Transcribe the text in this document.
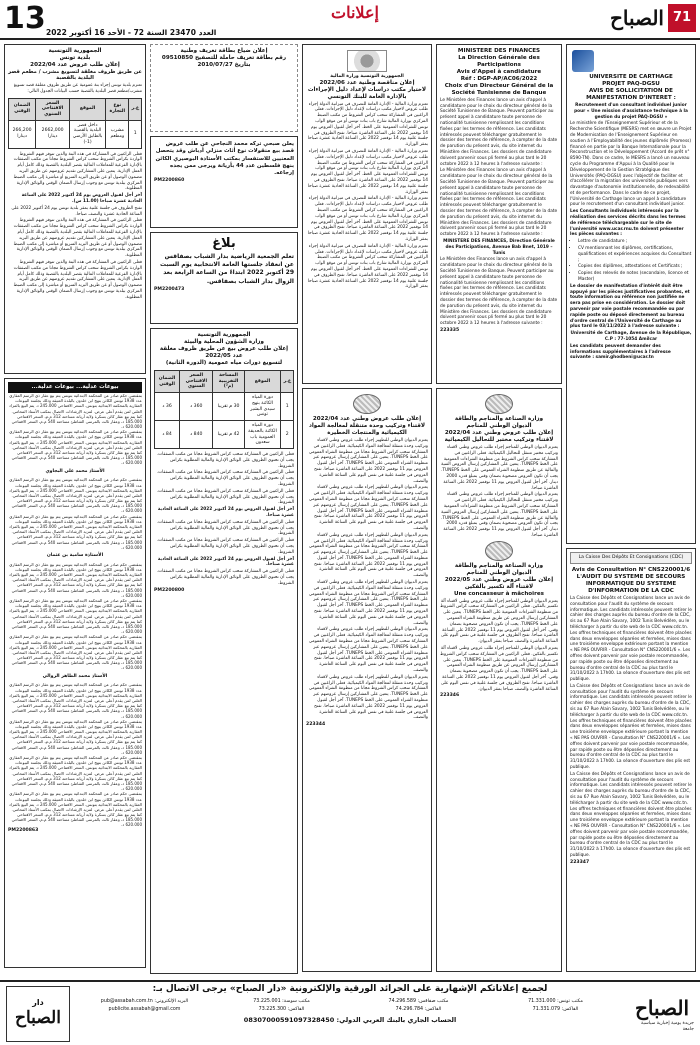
13 العدد 23470 السنة 72 - الأحد 16 أكتوبر 2022
إعلانات	الصباح 71
الجمهورية التونسية
بلدية تونس
إعلان طلب عروض عدد 2022/04
عن طريق ظروف مغلقة لتسويغ مشرب / مطعم قصر البلدية بالقصبة

تعتزم بلدية تونس إجراء بتة عمومية عن طريق ظروف مغلقة قصد تسويغ مشرب/مطعم قصر البلدية بالقصبة حسب البيانات الجدول التالي:

ع.ر	نوع التجارة	الموقع	السعر الافتتاحي السنوي	الضمان الوقتي
1	مشرب ومطعم	داخل قصر البلدية بالقصبة بالطابق الأرضي (1-)	2662,000 دينارا	266,200 دينارا

فعلى الراغبين في المشاركة في هذه البتة والذين تتوفر فيهم الشروط الواردة بكراس الشروط سحب كراس الشروط مجانا من مكتب الصفقات بالإدارة الفرعية للمعاملات المالية بقصر البلدية بالقصبة وذلك كامل أيام العمل الإدارية. يتعين على المشاركين تقديم عروضهم عن طريق البريد مضمون الوصول أو عن طريق البريد السريع أو مباشرة إلى مكتب الضبط المركزي ببلدية تونس مع وجوب إرسال الضمان الوقتي والوثائق الإدارية المطلوبة.

آخر أجل لقبول العروض يوم 24 أكتوبر 2022 على الساعة الحادية عشرة صباحا (11.00 س).

تفتح الظروف في جلسة علنية بمقر بلدية تونس يوم 24 أكتوبر 2022 على الساعة الحادية عشرة والنصف صباحا.

فعلى الراغبين في المشاركة في هذه البتة والذين تتوفر فيهم الشروط الواردة بكراس الشروط سحب كراس الشروط مجانا من مكتب الصفقات بالإدارة الفرعية للمعاملات المالية بقصر البلدية بالقصبة وذلك كامل أيام العمل الإدارية. يتعين على المشاركين تقديم عروضهم عن طريق البريد مضمون الوصول أو عن طريق البريد السريع أو مباشرة إلى مكتب الضبط المركزي ببلدية تونس مع وجوب إرسال الضمان الوقتي والوثائق الإدارية المطلوبة.

فعلى الراغبين في المشاركة في هذه البتة والذين تتوفر فيهم الشروط الواردة بكراس الشروط سحب كراس الشروط مجانا من مكتب الصفقات بالإدارة الفرعية للمعاملات المالية بقصر البلدية بالقصبة وذلك كامل أيام العمل الإدارية. يتعين على المشاركين تقديم عروضهم عن طريق البريد مضمون الوصول أو عن طريق البريد السريع أو مباشرة إلى مكتب الضبط المركزي ببلدية تونس مع وجوب إرسال الضمان الوقتي والوثائق الإدارية المطلوبة.

بيوعات عدلية... بيوعات عدلية...

بمقتضى حكم صادر عن المحكمة الابتدائية بتونس يتم بيع عقار ذي الرسم العقاري عدد 1938 تونس الكائن بنهج ابن خلدون بالبلدة العتيقة وذلك بجلسة البيوعات العقارية بالمحكمة الابتدائية بتونس. السعر الافتتاحي 245.000 د. يتم البيع بالمزاد العلني لمن يقدم أعلى عرض. لمزيد الإرشادات الاتصال بمكتب الأستاذ المحامي. كما يتم بيع عقار كائن بسكرة ولاية أريانة مساحته 312 م.م، السعر الافتتاحي 185.000 د، وعقار ثالث بالمرسى الشاطئ مساحته 540 م.م، السعر الافتتاحي 620.000 د.

بمقتضى حكم صادر عن المحكمة الابتدائية بتونس يتم بيع عقار ذي الرسم العقاري عدد 1938 تونس الكائن بنهج ابن خلدون بالبلدة العتيقة وذلك بجلسة البيوعات العقارية بالمحكمة الابتدائية بتونس. السعر الافتتاحي 245.000 د. يتم البيع بالمزاد العلني لمن يقدم أعلى عرض. لمزيد الإرشادات الاتصال بمكتب الأستاذ المحامي. كما يتم بيع عقار كائن بسكرة ولاية أريانة مساحته 312 م.م، السعر الافتتاحي 185.000 د، وعقار ثالث بالمرسى الشاطئ مساحته 540 م.م، السعر الافتتاحي 620.000 د.

الأستاذ محمد علي البجاوي

بمقتضى حكم صادر عن المحكمة الابتدائية بتونس يتم بيع عقار ذي الرسم العقاري عدد 1938 تونس الكائن بنهج ابن خلدون بالبلدة العتيقة وذلك بجلسة البيوعات العقارية بالمحكمة الابتدائية بتونس. السعر الافتتاحي 245.000 د. يتم البيع بالمزاد العلني لمن يقدم أعلى عرض. لمزيد الإرشادات الاتصال بمكتب الأستاذ المحامي. كما يتم بيع عقار كائن بسكرة ولاية أريانة مساحته 312 م.م، السعر الافتتاحي 185.000 د، وعقار ثالث بالمرسى الشاطئ مساحته 540 م.م، السعر الافتتاحي 620.000 د.

بمقتضى حكم صادر عن المحكمة الابتدائية بتونس يتم بيع عقار ذي الرسم العقاري عدد 1938 تونس الكائن بنهج ابن خلدون بالبلدة العتيقة وذلك بجلسة البيوعات العقارية بالمحكمة الابتدائية بتونس. السعر الافتتاحي 245.000 د. يتم البيع بالمزاد العلني لمن يقدم أعلى عرض. لمزيد الإرشادات الاتصال بمكتب الأستاذ المحامي. كما يتم بيع عقار كائن بسكرة ولاية أريانة مساحته 312 م.م، السعر الافتتاحي 185.000 د، وعقار ثالث بالمرسى الشاطئ مساحته 540 م.م، السعر الافتتاحي 620.000 د.

الأستاذة سامية بن عثمان

بمقتضى حكم صادر عن المحكمة الابتدائية بتونس يتم بيع عقار ذي الرسم العقاري عدد 1938 تونس الكائن بنهج ابن خلدون بالبلدة العتيقة وذلك بجلسة البيوعات العقارية بالمحكمة الابتدائية بتونس. السعر الافتتاحي 245.000 د. يتم البيع بالمزاد العلني لمن يقدم أعلى عرض. لمزيد الإرشادات الاتصال بمكتب الأستاذ المحامي. كما يتم بيع عقار كائن بسكرة ولاية أريانة مساحته 312 م.م، السعر الافتتاحي 185.000 د، وعقار ثالث بالمرسى الشاطئ مساحته 540 م.م، السعر الافتتاحي 620.000 د.

بمقتضى حكم صادر عن المحكمة الابتدائية بتونس يتم بيع عقار ذي الرسم العقاري عدد 1938 تونس الكائن بنهج ابن خلدون بالبلدة العتيقة وذلك بجلسة البيوعات العقارية بالمحكمة الابتدائية بتونس. السعر الافتتاحي 245.000 د. يتم البيع بالمزاد العلني لمن يقدم أعلى عرض. لمزيد الإرشادات الاتصال بمكتب الأستاذ المحامي. كما يتم بيع عقار كائن بسكرة ولاية أريانة مساحته 312 م.م، السعر الافتتاحي 185.000 د، وعقار ثالث بالمرسى الشاطئ مساحته 540 م.م، السعر الافتتاحي 620.000 د.

بمقتضى حكم صادر عن المحكمة الابتدائية بتونس يتم بيع عقار ذي الرسم العقاري عدد 1938 تونس الكائن بنهج ابن خلدون بالبلدة العتيقة وذلك بجلسة البيوعات العقارية بالمحكمة الابتدائية بتونس. السعر الافتتاحي 245.000 د. يتم البيع بالمزاد العلني لمن يقدم أعلى عرض. لمزيد الإرشادات الاتصال بمكتب الأستاذ المحامي. كما يتم بيع عقار كائن بسكرة ولاية أريانة مساحته 312 م.م، السعر الافتتاحي 185.000 د، وعقار ثالث بالمرسى الشاطئ مساحته 540 م.م، السعر الافتتاحي 620.000 د.

الأستاذ محمد الطاهر الزوالي

بمقتضى حكم صادر عن المحكمة الابتدائية بتونس يتم بيع عقار ذي الرسم العقاري عدد 1938 تونس الكائن بنهج ابن خلدون بالبلدة العتيقة وذلك بجلسة البيوعات العقارية بالمحكمة الابتدائية بتونس. السعر الافتتاحي 245.000 د. يتم البيع بالمزاد العلني لمن يقدم أعلى عرض. لمزيد الإرشادات الاتصال بمكتب الأستاذ المحامي. كما يتم بيع عقار كائن بسكرة ولاية أريانة مساحته 312 م.م، السعر الافتتاحي 185.000 د، وعقار ثالث بالمرسى الشاطئ مساحته 540 م.م، السعر الافتتاحي 620.000 د.

بمقتضى حكم صادر عن المحكمة الابتدائية بتونس يتم بيع عقار ذي الرسم العقاري عدد 1938 تونس الكائن بنهج ابن خلدون بالبلدة العتيقة وذلك بجلسة البيوعات العقارية بالمحكمة الابتدائية بتونس. السعر الافتتاحي 245.000 د. يتم البيع بالمزاد العلني لمن يقدم أعلى عرض. لمزيد الإرشادات الاتصال بمكتب الأستاذ المحامي. كما يتم بيع عقار كائن بسكرة ولاية أريانة مساحته 312 م.م، السعر الافتتاحي 185.000 د، وعقار ثالث بالمرسى الشاطئ مساحته 540 م.م، السعر الافتتاحي 620.000 د.

بمقتضى حكم صادر عن المحكمة الابتدائية بتونس يتم بيع عقار ذي الرسم العقاري عدد 1938 تونس الكائن بنهج ابن خلدون بالبلدة العتيقة وذلك بجلسة البيوعات العقارية بالمحكمة الابتدائية بتونس. السعر الافتتاحي 245.000 د. يتم البيع بالمزاد العلني لمن يقدم أعلى عرض. لمزيد الإرشادات الاتصال بمكتب الأستاذ المحامي. كما يتم بيع عقار كائن بسكرة ولاية أريانة مساحته 312 م.م، السعر الافتتاحي 185.000 د، وعقار ثالث بالمرسى الشاطئ مساحته 540 م.م، السعر الافتتاحي 620.000 د.

بمقتضى حكم صادر عن المحكمة الابتدائية بتونس يتم بيع عقار ذي الرسم العقاري عدد 1938 تونس الكائن بنهج ابن خلدون بالبلدة العتيقة وذلك بجلسة البيوعات العقارية بالمحكمة الابتدائية بتونس. السعر الافتتاحي 245.000 د. يتم البيع بالمزاد العلني لمن يقدم أعلى عرض. لمزيد الإرشادات الاتصال بمكتب الأستاذ المحامي. كما يتم بيع عقار كائن بسكرة ولاية أريانة مساحته 312 م.م، السعر الافتتاحي 185.000 د، وعقار ثالث بالمرسى الشاطئ مساحته 540 م.م، السعر الافتتاحي 620.000 د.

PM2200863
إعلان ضياع بطاقة تعريف وطنية
رقم بطاقة تعريف حاملة للتصفيح 09510850 بتاريخ 2010/07/27

يعلن صبحي تركه محمد النجاحي عن طلب عروض قصد بيع منقولات نوع أثاث منزلي أدباش وقد يتحصل المعنيين للاستفسار بمكتب الأستاذة البوصيري الكائن بنهج فلسطين عدد 44 بأريانة ويرجى ممن يجده إرجاعه.

PM2200860
بلاغ

تعلم الجمعية الرياضية بدار الشباب بصفاقس عن انعقاد جلستها العامة الانتخابية يوم السبت 29 أكتوبر 2022 ابتداءً من الساعة الرابعة بعد الزوال بدار الشباب بصفاقس.

PM2200473
الجمهورية التونسية
وزارة الشؤون المحلية والبيئة
إعلان طلب عروض بيع عن طريق ظروف مغلقة عدد 2022/05
لتسويغ دورات مياه عمومية (الدورة الثانية)
ع.ر	الموقع	المساحة التقريبية (م²)	السعر الافتتاحي السنوي	الضمان الوقتي
1	دورة المياه الكائنة بنهج سيدي البشير تونس	30 م تقريبا	360 د	36 د
2	دورة المياه الكائنة بالحديقة العمومية باب سعدون	42 م تقريبا	840 د	84 د

فعلى الراغبين في المشاركة سحب كراس الشروط مجانا من مكتب الصفقات. يجب أن تحتوي الظروف على الوثائق الإدارية والمالية المطلوبة بكراس الشروط.

فعلى الراغبين في المشاركة سحب كراس الشروط مجانا من مكتب الصفقات. يجب أن تحتوي الظروف على الوثائق الإدارية والمالية المطلوبة بكراس الشروط.

فعلى الراغبين في المشاركة سحب كراس الشروط مجانا من مكتب الصفقات. يجب أن تحتوي الظروف على الوثائق الإدارية والمالية المطلوبة بكراس الشروط.

آخر أجل لقبول العروض يوم 24 أكتوبر 2022 على الساعة الحادية عشرة صباحا.

فعلى الراغبين في المشاركة سحب كراس الشروط مجانا من مكتب الصفقات. يجب أن تحتوي الظروف على الوثائق الإدارية والمالية المطلوبة بكراس الشروط.

فعلى الراغبين في المشاركة سحب كراس الشروط مجانا من مكتب الصفقات. يجب أن تحتوي الظروف على الوثائق الإدارية والمالية المطلوبة بكراس الشروط.

آخر أجل لقبول العروض يوم 24 أكتوبر 2022 على الساعة الحادية عشرة صباحا.

فعلى الراغبين في المشاركة سحب كراس الشروط مجانا من مكتب الصفقات. يجب أن تحتوي الظروف على الوثائق الإدارية والمالية المطلوبة بكراس الشروط.

PM2200800
الجمهورية التونسية وزارة المالية
إعلان مناقصة وطنية عدد 2022/06
لاختيار مكتب دراسات لإعداد دليل الإجراءات بالإدارة العامة للبنك التونسي

تعتزم وزارة المالية - الإدارة العامة للتصرف في ميزانية الدولة إجراء طلب عروض لاختيار مكتب دراسات لإعداد دليل الإجراءات. فعلى الراغبين في المشاركة سحب كراس الشروط من مكتب الضبط المركزي بوزارة المالية شارع باب بنات تونس أو من موقع الواب تونس للشراءات العمومية على الخط. آخر أجل لقبول العروض يوم 14 نوفمبر 2022 على الساعة العاشرة صباحا. تفتح الظروف في جلسة علنية يوم 14 نوفمبر 2022 على الساعة الحادية عشرة صباحا بمقر الوزارة.

تعتزم وزارة المالية - الإدارة العامة للتصرف في ميزانية الدولة إجراء طلب عروض لاختيار مكتب دراسات لإعداد دليل الإجراءات. فعلى الراغبين في المشاركة سحب كراس الشروط من مكتب الضبط المركزي بوزارة المالية شارع باب بنات تونس أو من موقع الواب تونس للشراءات العمومية على الخط. آخر أجل لقبول العروض يوم 14 نوفمبر 2022 على الساعة العاشرة صباحا. تفتح الظروف في جلسة علنية يوم 14 نوفمبر 2022 على الساعة الحادية عشرة صباحا بمقر الوزارة.

تعتزم وزارة المالية - الإدارة العامة للتصرف في ميزانية الدولة إجراء طلب عروض لاختيار مكتب دراسات لإعداد دليل الإجراءات. فعلى الراغبين في المشاركة سحب كراس الشروط من مكتب الضبط المركزي بوزارة المالية شارع باب بنات تونس أو من موقع الواب تونس للشراءات العمومية على الخط. آخر أجل لقبول العروض يوم 14 نوفمبر 2022 على الساعة العاشرة صباحا. تفتح الظروف في جلسة علنية يوم 14 نوفمبر 2022 على الساعة الحادية عشرة صباحا بمقر الوزارة.

تعتزم وزارة المالية - الإدارة العامة للتصرف في ميزانية الدولة إجراء طلب عروض لاختيار مكتب دراسات لإعداد دليل الإجراءات. فعلى الراغبين في المشاركة سحب كراس الشروط من مكتب الضبط المركزي بوزارة المالية شارع باب بنات تونس أو من موقع الواب تونس للشراءات العمومية على الخط. آخر أجل لقبول العروض يوم 14 نوفمبر 2022 على الساعة العاشرة صباحا. تفتح الظروف في جلسة علنية يوم 14 نوفمبر 2022 على الساعة الحادية عشرة صباحا بمقر الوزارة.

إعلان طلب عروض وطني عدد 2022/04
لاقتناء وتركيب وحدة متنقلة لمعالجة المواد الكيميائية والمنتجات الخطيرة

يعتزم الديوان الوطني للتطهير إجراء طلب عروض وطني لاقتناء وتركيب وحدة متنقلة لمعالجة المواد الكيميائية. فعلى الراغبين في المشاركة سحب كراس الشروط مجانا من منظومة الشراء العمومي على الخط TUNEPS. يتعين على المشاركين إرسال عروضهم عبر منظومة الشراء العمومي على الخط TUNEPS. آخر أجل لقبول العروض يوم 11 نوفمبر 2022 على الساعة العاشرة صباحا. تفتح العروض في جلسة علنية في نفس اليوم على الساعة العاشرة والنصف.

يعتزم الديوان الوطني للتطهير إجراء طلب عروض وطني لاقتناء وتركيب وحدة متنقلة لمعالجة المواد الكيميائية. فعلى الراغبين في المشاركة سحب كراس الشروط مجانا من منظومة الشراء العمومي على الخط TUNEPS. يتعين على المشاركين إرسال عروضهم عبر منظومة الشراء العمومي على الخط TUNEPS. آخر أجل لقبول العروض يوم 11 نوفمبر 2022 على الساعة العاشرة صباحا. تفتح العروض في جلسة علنية في نفس اليوم على الساعة العاشرة والنصف.

يعتزم الديوان الوطني للتطهير إجراء طلب عروض وطني لاقتناء وتركيب وحدة متنقلة لمعالجة المواد الكيميائية. فعلى الراغبين في المشاركة سحب كراس الشروط مجانا من منظومة الشراء العمومي على الخط TUNEPS. يتعين على المشاركين إرسال عروضهم عبر منظومة الشراء العمومي على الخط TUNEPS. آخر أجل لقبول العروض يوم 11 نوفمبر 2022 على الساعة العاشرة صباحا. تفتح العروض في جلسة علنية في نفس اليوم على الساعة العاشرة والنصف.

يعتزم الديوان الوطني للتطهير إجراء طلب عروض وطني لاقتناء وتركيب وحدة متنقلة لمعالجة المواد الكيميائية. فعلى الراغبين في المشاركة سحب كراس الشروط مجانا من منظومة الشراء العمومي على الخط TUNEPS. يتعين على المشاركين إرسال عروضهم عبر منظومة الشراء العمومي على الخط TUNEPS. آخر أجل لقبول العروض يوم 11 نوفمبر 2022 على الساعة العاشرة صباحا. تفتح العروض في جلسة علنية في نفس اليوم على الساعة العاشرة والنصف.

يعتزم الديوان الوطني للتطهير إجراء طلب عروض وطني لاقتناء وتركيب وحدة متنقلة لمعالجة المواد الكيميائية. فعلى الراغبين في المشاركة سحب كراس الشروط مجانا من منظومة الشراء العمومي على الخط TUNEPS. يتعين على المشاركين إرسال عروضهم عبر منظومة الشراء العمومي على الخط TUNEPS. آخر أجل لقبول العروض يوم 11 نوفمبر 2022 على الساعة العاشرة صباحا. تفتح العروض في جلسة علنية في نفس اليوم على الساعة العاشرة والنصف.

يعتزم الديوان الوطني للتطهير إجراء طلب عروض وطني لاقتناء وتركيب وحدة متنقلة لمعالجة المواد الكيميائية. فعلى الراغبين في المشاركة سحب كراس الشروط مجانا من منظومة الشراء العمومي على الخط TUNEPS. يتعين على المشاركين إرسال عروضهم عبر منظومة الشراء العمومي على الخط TUNEPS. آخر أجل لقبول العروض يوم 11 نوفمبر 2022 على الساعة العاشرة صباحا. تفتح العروض في جلسة علنية في نفس اليوم على الساعة العاشرة والنصف.

223344
MINISTERE DES FINANCES
La Direction Générale des Participations
Avis d'Appel à candidature
Réf : DGP-AP/AC06/2022
Choix d'un Directeur Général de la Société Tunisienne de Banque

Le Ministère des Finances lance un avis d'appel à candidature pour le choix du directeur général de la Société Tunisienne de Banque. Peuvent participer au présent appel à candidature toute personne de nationalité tunisienne remplissant les conditions fixées par les termes de référence. Les candidats intéressés peuvent télécharger gratuitement le dossier des termes de référence, à compter de la date de parution du présent avis, du site internet du Ministère des Finances. Les dossiers de candidature doivent parvenir sous pli fermé au plus tard le 20 octobre 2022 à 12 heures à l'adresse suivante :

Le Ministère des Finances lance un avis d'appel à candidature pour le choix du directeur général de la Société Tunisienne de Banque. Peuvent participer au présent appel à candidature toute personne de nationalité tunisienne remplissant les conditions fixées par les termes de référence. Les candidats intéressés peuvent télécharger gratuitement le dossier des termes de référence, à compter de la date de parution du présent avis, du site internet du Ministère des Finances. Les dossiers de candidature doivent parvenir sous pli fermé au plus tard le 20 octobre 2022 à 12 heures à l'adresse suivante :

MINISTERE DES FINANCES, Direction Générale des Participations, Avenue Bab Bnet, 1019 – Tunis

Le Ministère des Finances lance un avis d'appel à candidature pour le choix du directeur général de la Société Tunisienne de Banque. Peuvent participer au présent appel à candidature toute personne de nationalité tunisienne remplissant les conditions fixées par les termes de référence. Les candidats intéressés peuvent télécharger gratuitement le dossier des termes de référence, à compter de la date de parution du présent avis, du site internet du Ministère des Finances. Les dossiers de candidature doivent parvenir sous pli fermé au plus tard le 20 octobre 2022 à 12 heures à l'adresse suivante :

223335
وزارة الصناعة والمناجم والطاقة
الديوان الوطني للمناجم
إعلان طلب عروض وطني عدد 2022/04
لاقتناء وتركيب مختبر للتحاليل الكيميائية

يعتزم الديوان الوطني للمناجم إجراء طلب عروض وطني لاقتناء وتركيب مختبر متنقل للتحاليل الكيميائية. فعلى الراغبين في المشاركة سحب كراس الشروط من منظومة الشراءات العمومية على الخط TUNEPS. يتعين على المشاركين إرسال العروض الفنية والمالية عن طريق منظومة الشراء العمومي على الخط TUNEPS. يجب أن تكون العروض مصحوبة بضمان وقتي بمبلغ قدره 2000 دينار. آخر أجل لقبول العروض يوم 11 نوفمبر 2022 على الساعة العاشرة صباحا.

يعتزم الديوان الوطني للمناجم إجراء طلب عروض وطني لاقتناء وتركيب مختبر متنقل للتحاليل الكيميائية. فعلى الراغبين في المشاركة سحب كراس الشروط من منظومة الشراءات العمومية على الخط TUNEPS. يتعين على المشاركين إرسال العروض الفنية والمالية عن طريق منظومة الشراء العمومي على الخط TUNEPS. يجب أن تكون العروض مصحوبة بضمان وقتي بمبلغ قدره 2000 دينار. آخر أجل لقبول العروض يوم 11 نوفمبر 2022 على الساعة العاشرة صباحا.

وزارة الصناعة والمناجم والطاقة
الديوان الوطني للمناجم
إعلان طلب عروض وطني عدد 2022/05
لاقتناء آلة تكسير بالفكين
Une concasseur à mâchoires

يعتزم الديوان الوطني للمناجم إجراء طلب عروض وطني لاقتناء آلة تكسير بالفكين. فعلى الراغبين في المشاركة سحب كراس الشروط من منظومة الشراءات العمومية على الخط TUNEPS. يتعين على المشاركين إرسال العروض عن طريق منظومة الشراء العمومي على الخط TUNEPS. يجب أن تكون العروض مصحوبة بضمان وقتي. آخر أجل لقبول العروض يوم 11 نوفمبر 2022 على الساعة العاشرة صباحا. تفتح الظروف في جلسة علنية في نفس اليوم على الساعة العاشرة والنصف صباحا بمقر الديوان.

يعتزم الديوان الوطني للمناجم إجراء طلب عروض وطني لاقتناء آلة تكسير بالفكين. فعلى الراغبين في المشاركة سحب كراس الشروط من منظومة الشراءات العمومية على الخط TUNEPS. يتعين على المشاركين إرسال العروض عن طريق منظومة الشراء العمومي على الخط TUNEPS. يجب أن تكون العروض مصحوبة بضمان وقتي. آخر أجل لقبول العروض يوم 11 نوفمبر 2022 على الساعة العاشرة صباحا. تفتح الظروف في جلسة علنية في نفس اليوم على الساعة العاشرة والنصف صباحا بمقر الديوان.

223346
UNIVERSITE DE CARTHAGE
PROJET PAQ-DGSU
AVIS DE SOLLICITATION DE MANIFESTATION D'INTERET :

Recrutement d'un consultant individuel junior pour « Une mission d'assistance technique à la gestion du projet PAQ-DGSU »

Le ministère de l'Enseignement Supérieur et de la Recherche Scientifique (MESRS) met en œuvre un Projet de Modernisation de l'Enseignement Supérieur en soutien à l'Employabilité des jeunes diplômés (Promess) financé en partie par la Banque Internationale pour la Reconstruction et le Développement (Accord de prêt n° 8590-TN). Dans ce cadre, le MESRS a lancé un nouveau cycle du Programme d'Appui à la Qualité pour le Développement de la Gestion Stratégique des Universités (PAQ-DGSU) avec l'objectif de faciliter et d'accélérer la migration des universités publiques vers davantage d'autonomie institutionnelle, de redevabilité et de performance. Dans le cadre de ce projet, l'Université de Carthage lance un appel à candidature pour le recrutement d'un consultant individuel junior.

Les Consultants individuels intéressés par la réalisation des services décrits dans les termes de référence téléchargeable sur le site de l'université www.ucar.rnu.tn doivent présenter les pièces suivantes :

• Lettre de candidature ;
• CV mentionnant les diplômes, certifications, qualifications et expériences acquises du Consultant ;
• Copies des diplômes, attestations et Certificats ;
• Copies des relevés de notes (secondaire, licence et Master)

Le dossier de manifestation d'intérêt doit être appuyé par les pièces justificatives probantes, et toute information ou référence non justifiée ne sera pas prise en considération. Le dossier doit parvenir par voie postale recommandée ou par rapide poste ou déposé directement au bureau d'ordre central de l'Université de Carthage au plus tard le 03/11/2022 à l'adresse suivante :

Université de Carthage, Avenue de la République, C.P : 77-1054 Amilcar

Les candidats peuvent demander des informations supplémentaires à l'adresse suivante : samir.ghodbeni@ucar.tn

La Caisse Des Dépôts Et Consignations (CDC)
Avis de Consultation N° CNS220001/6
L'AUDIT DU SYSTEME DE SECOURS INFORMATIQUE DU SYSTEME D'INFORMATION DE LA CDC

La Caisse des Dépôts et Consignations lance un avis de consultation pour l'audit du système de secours informatique. Les candidats intéressés peuvent retirer le cahier des charges auprès du bureau d'ordre de la CDC, sis au 67 Rue Alain Savary, 1002 Tunis Belvédère, ou le télécharger à partir du site web de la CDC www.cdc.tn. Les offres techniques et financières doivent être placées dans deux enveloppes séparées et fermées, mises dans une troisième enveloppe extérieure portant la mention « NE PAS OUVRIR - Consultation N° CNS220001/6 ». Les offres doivent parvenir par voie postale recommandée, par rapide poste ou être déposées directement au bureau d'ordre central de la CDC au plus tard le 31/10/2022 à 17h00. La séance d'ouverture des plis est publique.

La Caisse des Dépôts et Consignations lance un avis de consultation pour l'audit du système de secours informatique. Les candidats intéressés peuvent retirer le cahier des charges auprès du bureau d'ordre de la CDC, sis au 67 Rue Alain Savary, 1002 Tunis Belvédère, ou le télécharger à partir du site web de la CDC www.cdc.tn. Les offres techniques et financières doivent être placées dans deux enveloppes séparées et fermées, mises dans une troisième enveloppe extérieure portant la mention « NE PAS OUVRIR - Consultation N° CNS220001/6 ». Les offres doivent parvenir par voie postale recommandée, par rapide poste ou être déposées directement au bureau d'ordre central de la CDC au plus tard le 31/10/2022 à 17h00. La séance d'ouverture des plis est publique.

La Caisse des Dépôts et Consignations lance un avis de consultation pour l'audit du système de secours informatique. Les candidats intéressés peuvent retirer le cahier des charges auprès du bureau d'ordre de la CDC, sis au 67 Rue Alain Savary, 1002 Tunis Belvédère, ou le télécharger à partir du site web de la CDC www.cdc.tn. Les offres techniques et financières doivent être placées dans deux enveloppes séparées et fermées, mises dans une troisième enveloppe extérieure portant la mention « NE PAS OUVRIR - Consultation N° CNS220001/6 ». Les offres doivent parvenir par voie postale recommandée, par rapide poste ou être déposées directement au bureau d'ordre central de la CDC au plus tard le 31/10/2022 à 17h00. La séance d'ouverture des plis est publique.

223347
دار
الصباح
لجميع إعلاناتكم الإشهارية على الجرائد الورقية والإلكترونية «دار الصباح» يرجى الاتصال بـ:
مكتب تونس: 71.331.000
مكتب صفاقس: 74.296.589
مكتب سوسة: 73.225.001
البريد الإلكتروني: pub@assabah.com.tn
الفاكس: 71.331.079
الفاكس: 74.296.784
الفاكس: 73.225.300
publicite.assabah@gmail.com
الحساب الجاري بالبنك العربي الدولي: 08307000591097328450
الصباح
جريدة يومية إخبارية سياسية جامعة
